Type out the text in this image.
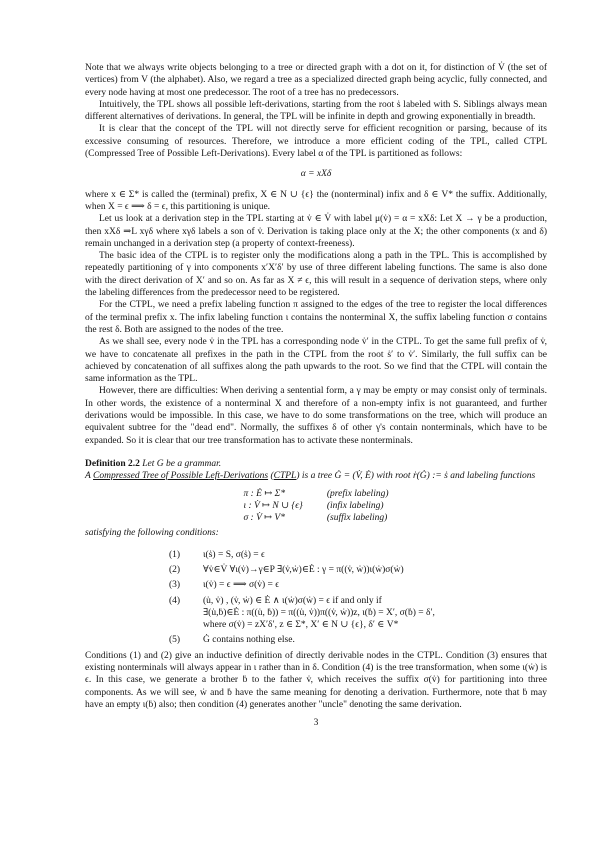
Note that we always write objects belonging to a tree or directed graph with a dot on it, for distinction of V̇ (the set of vertices) from V (the alphabet). Also, we regard a tree as a specialized directed graph being acyclic, fully connected, and every node having at most one predecessor. The root of a tree has no predecessors.

Intuitively, the TPL shows all possible left-derivations, starting from the root ṡ labeled with S. Siblings always mean different alternatives of derivations. In general, the TPL will be infinite in depth and growing exponentially in breadth.

It is clear that the concept of the TPL will not directly serve for efficient recognition or parsing, because of its excessive consuming of resources. Therefore, we introduce a more efficient coding of the TPL, called CTPL (Compressed Tree of Possible Left-Derivations). Every label α of the TPL is partitioned as follows:

α = xXδ

where x ∈ Σ* is called the (terminal) prefix, X ∈ N ∪ {ϵ} the (nonterminal) infix and δ ∈ V* the suffix. Additionally, when X = ϵ ⟹ δ = ϵ, this partitioning is unique.

Let us look at a derivation step in the TPL starting at v̇ ∈ V̇ with label μ(v̇) = α = xXδ: Let X → γ be a production, then xXδ ⇒L xγδ where xγδ labels a son of v̇. Derivation is taking place only at the X; the other components (x and δ) remain unchanged in a derivation step (a property of context-freeness).

The basic idea of the CTPL is to register only the modifications along a path in the TPL. This is accomplished by repeatedly partitioning of γ into components x′X′δ′ by use of three different labeling functions. The same is also done with the direct derivation of X′ and so on. As far as X ≠ ϵ, this will result in a sequence of derivation steps, where only the labeling differences from the predecessor need to be registered.

For the CTPL, we need a prefix labeling function π assigned to the edges of the tree to register the local differences of the terminal prefix x. The infix labeling function ι contains the nonterminal X, the suffix labeling function σ contains the rest δ. Both are assigned to the nodes of the tree.

As we shall see, every node v̇ in the TPL has a corresponding node v̇′ in the CTPL. To get the same full prefix of v̇, we have to concatenate all prefixes in the path in the CTPL from the root ṡ′ to v̇′. Similarly, the full suffix can be achieved by concatenation of all suffixes along the path upwards to the root. So we find that the CTPL will contain the same information as the TPL.

However, there are difficulties: When deriving a sentential form, a γ may be empty or may consist only of terminals. In other words, the existence of a nonterminal X and therefore of a non-empty infix is not guaranteed, and further derivations would be impossible. In this case, we have to do some transformations on the tree, which will produce an equivalent subtree for the "dead end". Normally, the suffixes δ of other γ's contain nonterminals, which have to be expanded. So it is clear that our tree transformation has to activate these nonterminals.

Definition 2.2 Let G be a grammar.

A Compressed Tree of Possible Left-Derivations (CTPL) is a tree Ġ = (V̇, Ė) with root ṙ(Ġ) := ṡ and labeling functions

π : Ė ↦ Σ*	(prefix labeling)
ι : V̇ ↦ N ∪ {ϵ}	(infix labeling)
σ : V̇ ↦ V*	(suffix labeling)

satisfying the following conditions:

(1)	ι(ṡ) = S, σ(ṡ) = ϵ
(2)	∀v̇∈V̇ ∀ι(v̇)→γ∈P ∃(v̇,ẇ)∈Ė : γ = π((v̇, ẇ))ι(ẇ)σ(ẇ)
(3)	ι(v̇) = ϵ ⟹ σ(v̇) = ϵ
(4)	(u̇, v̇) , (v̇, ẇ) ∈ Ė ∧ ι(ẇ)σ(ẇ) = ϵ if and only if
∃(u̇,ḃ)∈Ė : π((u̇, ḃ)) = π((u̇, v̇))π((v̇, ẇ))z, ι(ḃ) = X′, σ(ḃ) = δ′,
where σ(v̇) = zX′δ′, z ∈ Σ*, X′ ∈ N ∪ {ϵ}, δ′ ∈ V*
(5)	Ġ contains nothing else.

Conditions (1) and (2) give an inductive definition of directly derivable nodes in the CTPL. Condition (3) ensures that existing nonterminals will always appear in ι rather than in δ. Condition (4) is the tree transformation, when some ι(ẇ) is ϵ. In this case, we generate a brother ḃ to the father v̇, which receives the suffix σ(v̇) for partitioning into three components. As we will see, ẇ and ḃ have the same meaning for denoting a derivation. Furthermore, note that ḃ may have an empty ι(ḃ) also; then condition (4) generates another "uncle" denoting the same derivation.

3
